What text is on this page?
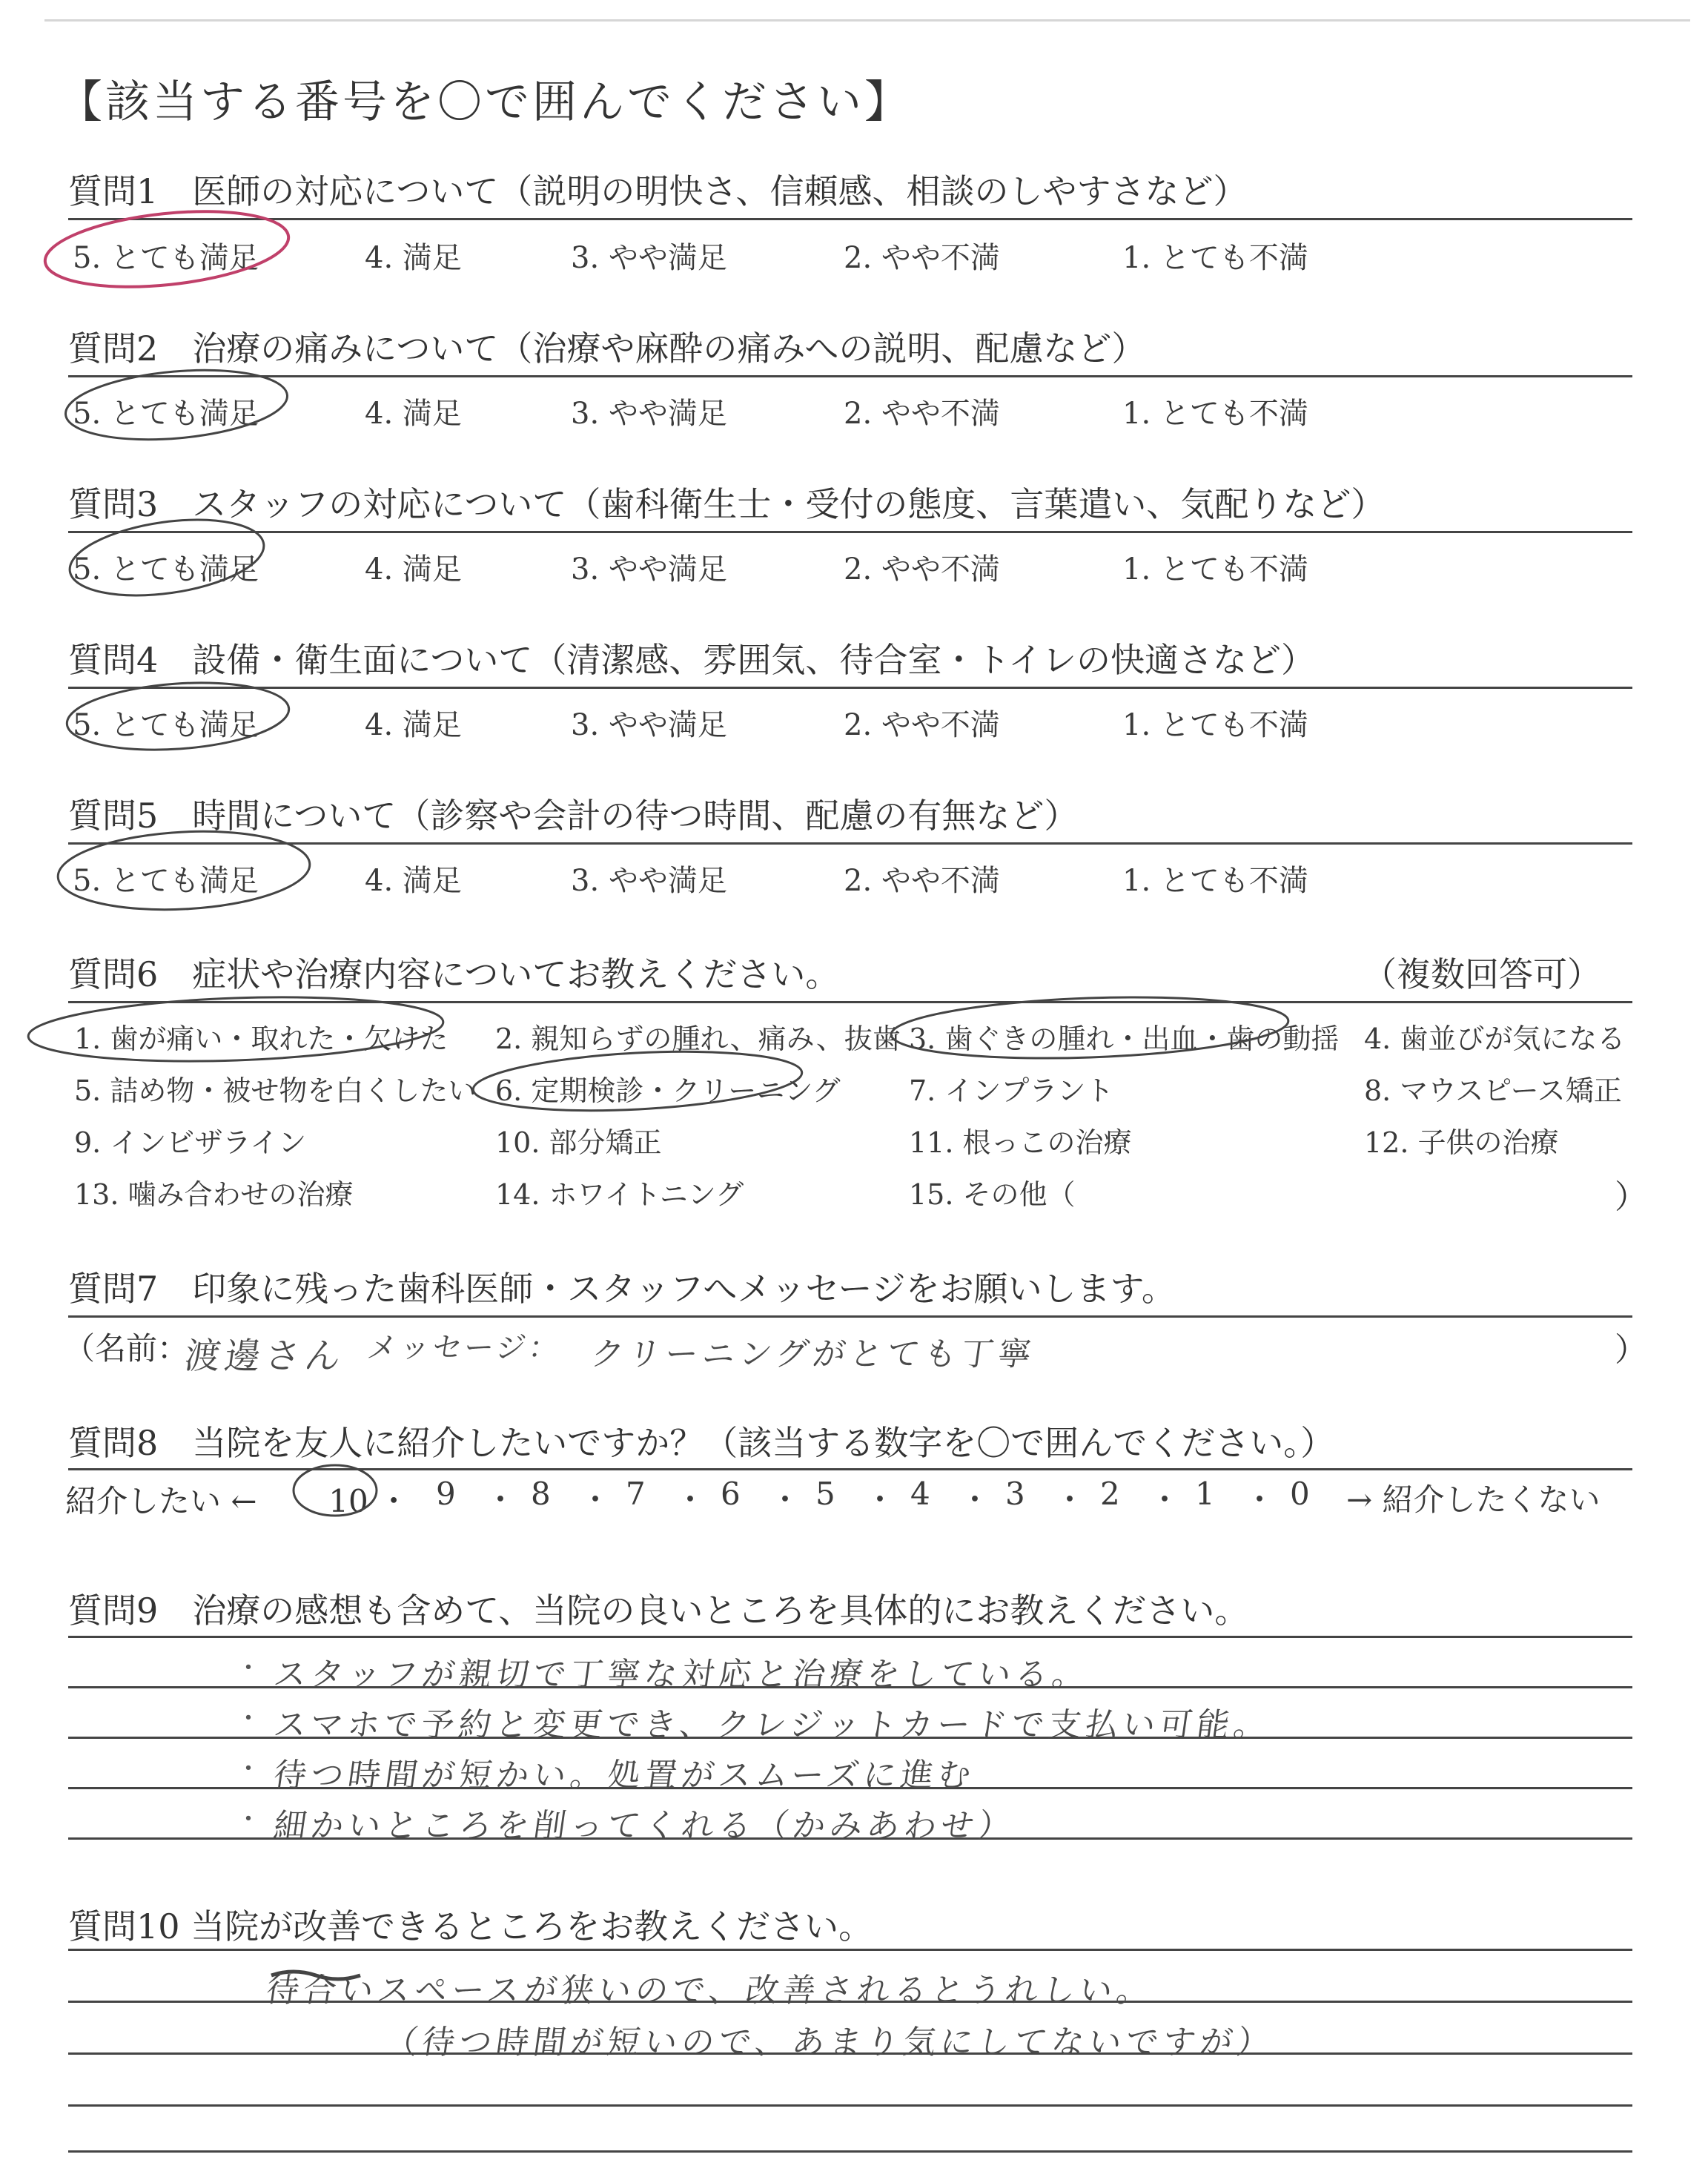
【該当する番号を〇で囲んでください】
質問1　医師の対応について（説明の明快さ、信頼感、相談のしやすさなど）
5. とても満足	4. 満足	3. やや満足	2. やや不満	1. とても不満
質問2　治療の痛みについて（治療や麻酔の痛みへの説明、配慮など）
5. とても満足	4. 満足	3. やや満足	2. やや不満	1. とても不満
質問3　スタッフの対応について（歯科衛生士・受付の態度、言葉遣い、気配りなど）
5. とても満足	4. 満足	3. やや満足	2. やや不満	1. とても不満
質問4　設備・衛生面について（清潔感、雰囲気、待合室・トイレの快適さなど）
5. とても満足	4. 満足	3. やや満足	2. やや不満	1. とても不満
質問5　時間について（診察や会計の待つ時間、配慮の有無など）
5. とても満足	4. 満足	3. やや満足	2. やや不満	1. とても不満
質問6　症状や治療内容についてお教えください。	（複数回答可）
1. 歯が痛い・取れた・欠けた 2. 親知らずの腫れ、痛み、抜歯 3. 歯ぐきの腫れ・出血・歯の動揺 4. 歯並びが気になる
5. 詰め物・被せ物を白くしたい 6. 定期検診・クリーニング 7. インプラント	8. マウスピース矯正
9. インビザライン	10. 部分矯正	11. 根っこの治療	12. 子供の治療
13. 噛み合わせの治療	14. ホワイトニング	15. その他（	）
質問7　印象に残った歯科医師・スタッフへメッセージをお願いします。
（名前：
渡邊さん メッセージ： クリーニングがとても丁寧	）
質問8　当院を友人に紹介したいですか？（該当する数字を〇で囲んでください。）
紹介したい ← 10 ・ 9 ・ 8 ・ 7 ・ 6 ・ 5 ・ 4 ・ 3 ・ 2 ・ 1 ・ 0 → 紹介したくない
質問9　治療の感想も含めて、当院の良いところを具体的にお教えください。
・ スタッフが親切で丁寧な対応と治療をしている。
・ スマホで予約と変更でき、クレジットカードで支払い可能。
・ 待つ時間が短かい。処置がスムーズに進む
・ 細かいところを削ってくれる（かみあわせ）
質問10 当院が改善できるところをお教えください。
待合いスペースが狭いので、改善されるとうれしい。
（待つ時間が短いので、あまり気にしてないですが）
